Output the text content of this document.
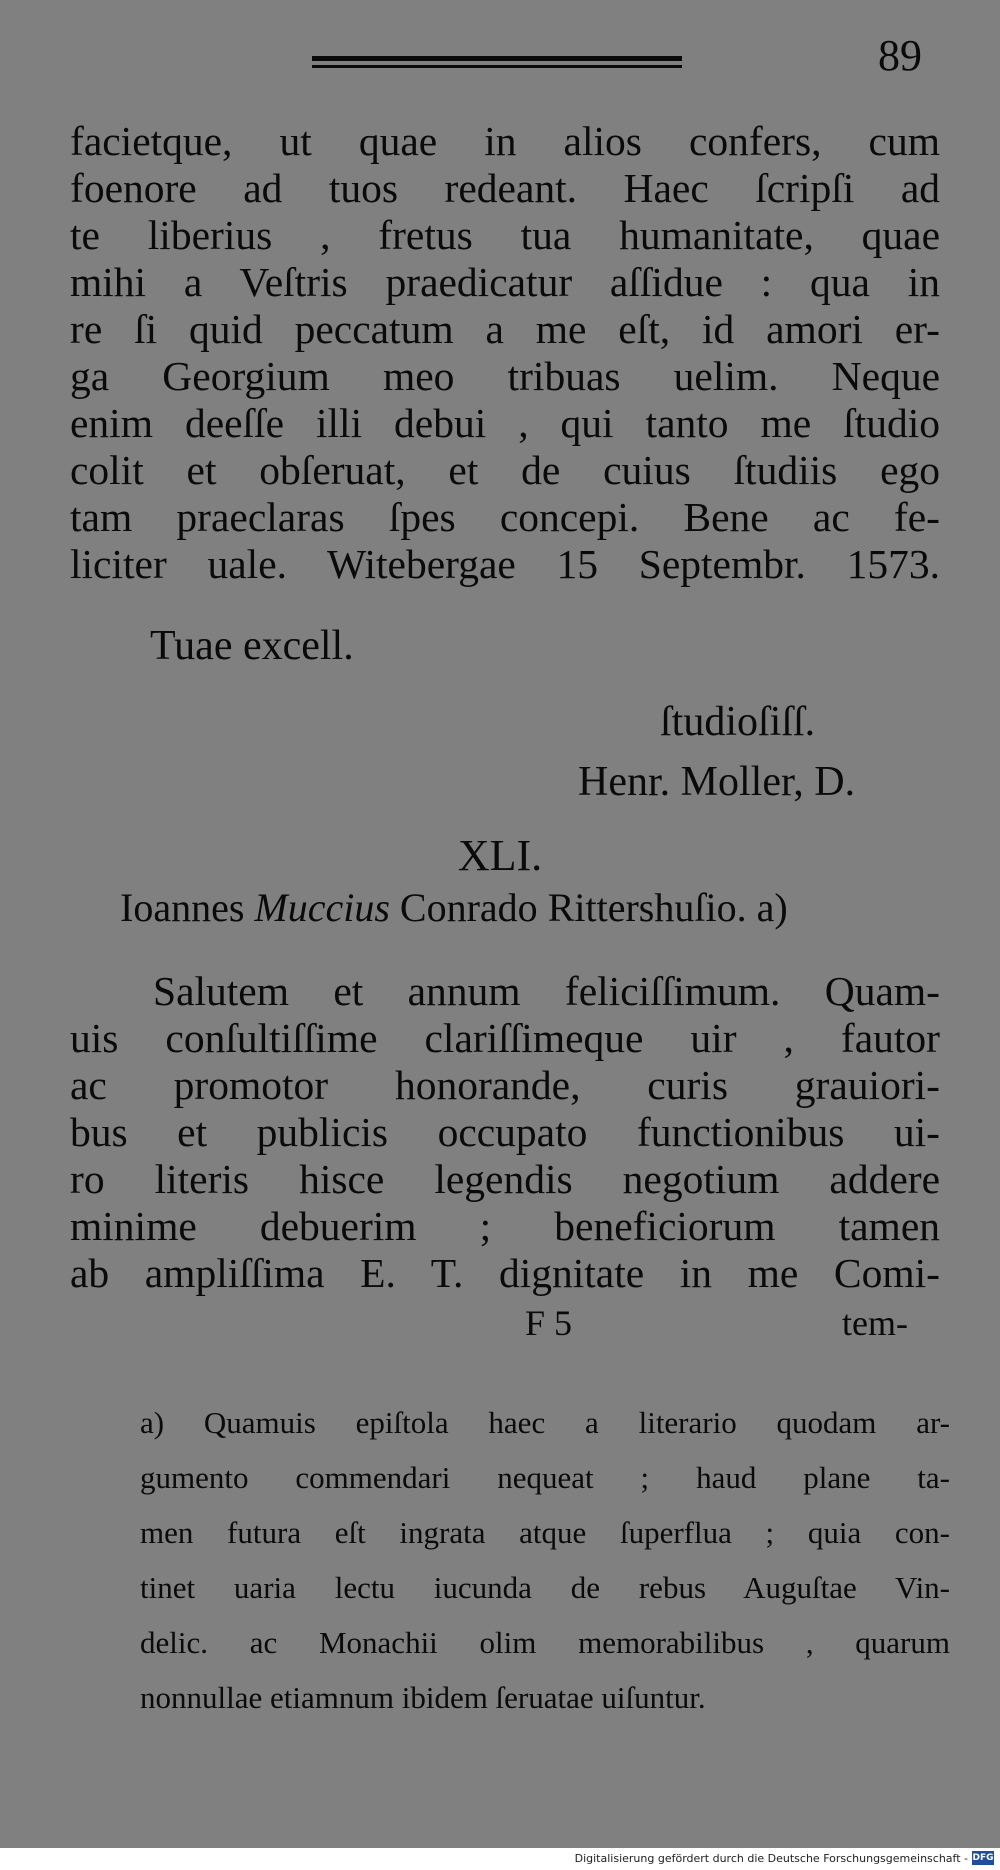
89
facietque, ut quae in alios confers, cum
foenore ad tuos redeant. Haec ſcripſi ad
te liberius , fretus tua humanitate, quae
mihi a Veſtris praedicatur aſſidue : qua in
re ſi quid peccatum a me eſt, id amori er-
ga Georgium meo tribuas uelim. Neque
enim deeſſe illi debui , qui tanto me ſtudio
colit et obſeruat, et de cuius ſtudiis ego
tam praeclaras ſpes concepi. Bene ac fe-
liciter uale. Witebergae 15 Septembr. 1573.
Tuae excell.
ſtudioſiſſ.
Henr. Moller, D.
XLI.
Ioannes Muccius Conrado Rittershuſio. a)
Salutem et annum feliciſſimum. Quam-
uis conſultiſſime clariſſimeque uir , fautor
ac promotor honorande, curis grauiori-
bus et publicis occupato functionibus ui-
ro literis hisce legendis negotium addere
minime debuerim ; beneficiorum tamen
ab ampliſſima E. T. dignitate in me Comi-
F 5	tem-
a) Quamuis epiſtola haec a literario quodam ar-
gumento commendari nequeat ; haud plane ta-
men futura eſt ingrata atque ſuperflua ; quia con-
tinet uaria lectu iucunda de rebus Auguſtae Vin-
delic. ac Monachii olim memorabilibus , quarum
nonnullae etiamnum ibidem ſeruatae uiſuntur.
Digitalisierung gefördert durch die Deutsche Forschungsgemeinschaft - DFG
